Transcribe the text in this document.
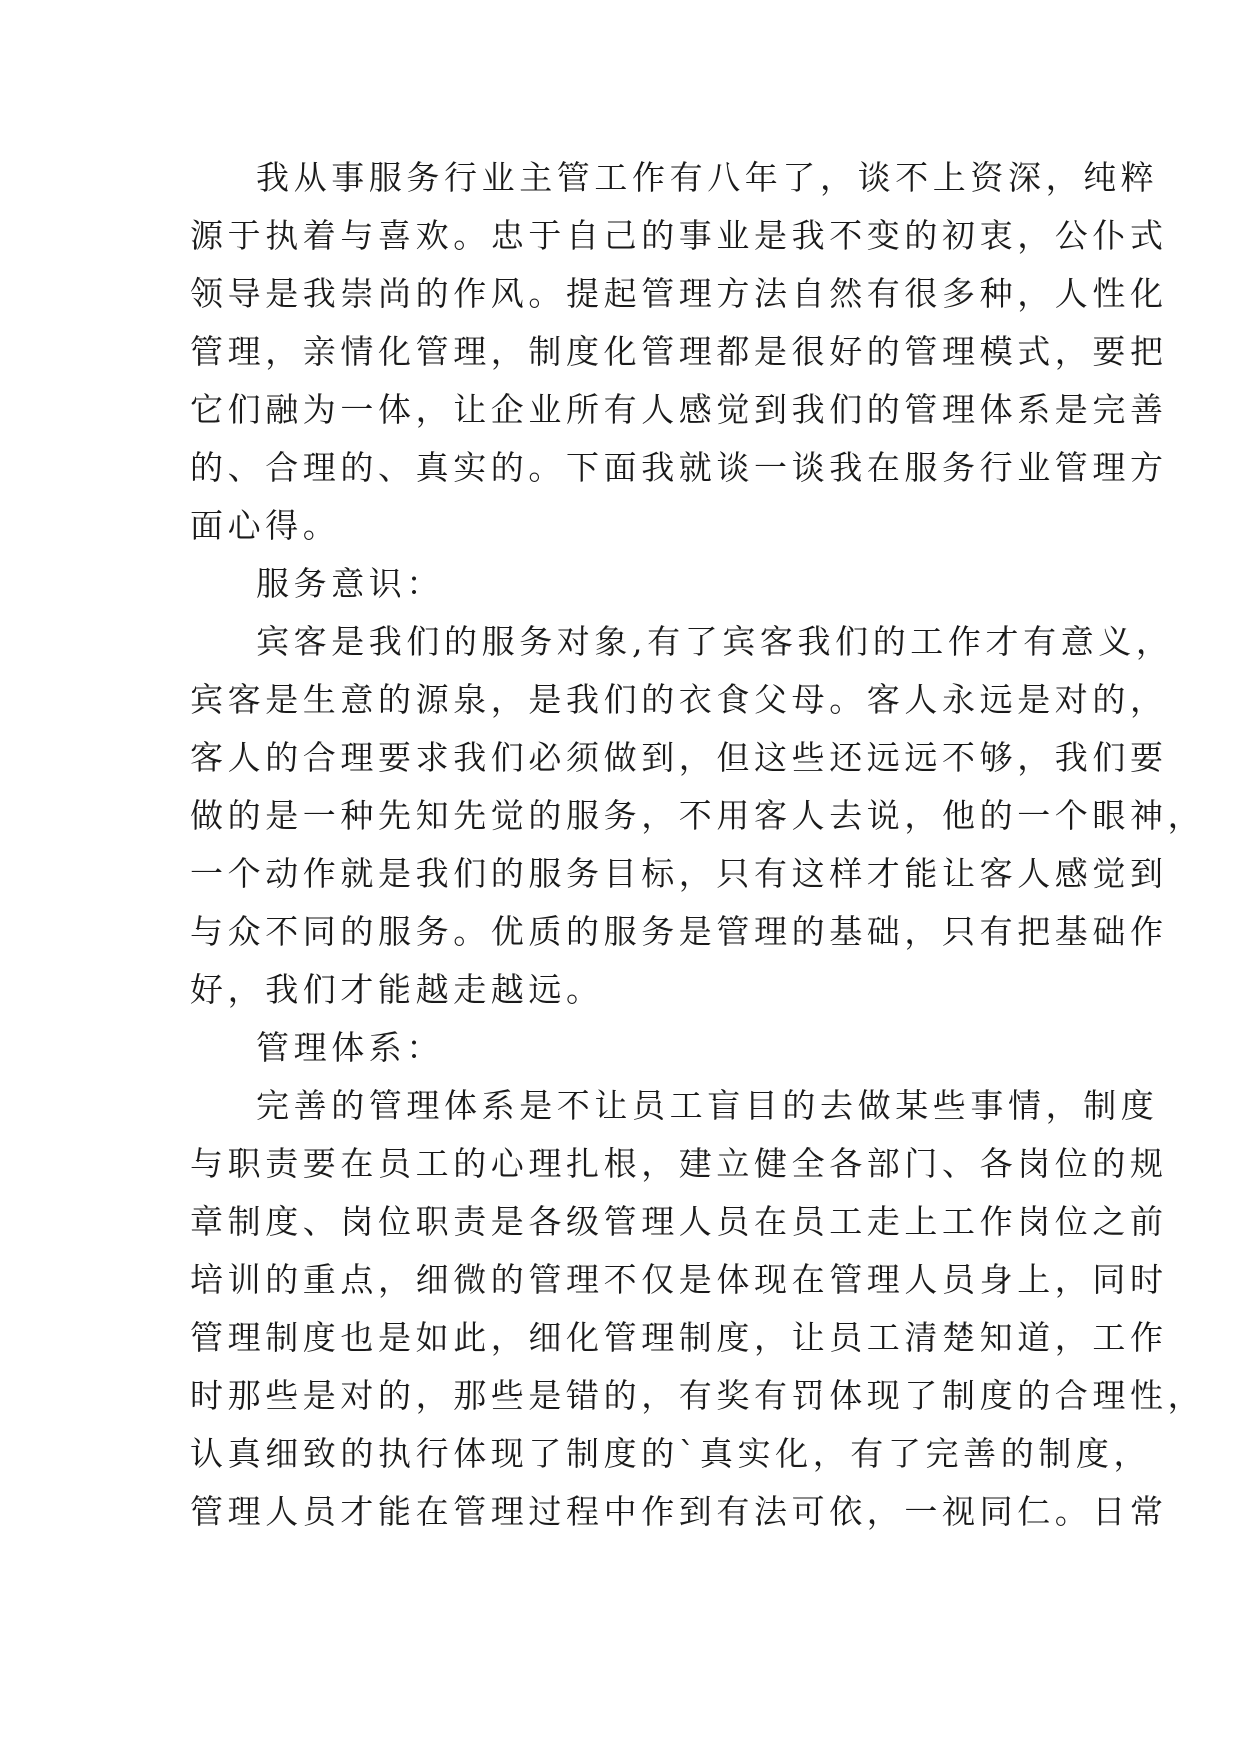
我从事服务行业主管工作有八年了，谈不上资深，纯粹
源于执着与喜欢。忠于自己的事业是我不变的初衷，公仆式
领导是我崇尚的作风。提起管理方法自然有很多种，人性化
管理，亲情化管理，制度化管理都是很好的管理模式，要把
它们融为一体，让企业所有人感觉到我们的管理体系是完善
的、合理的、真实的。下面我就谈一谈我在服务行业管理方
面心得。
服务意识：
宾客是我们的服务对象,有了宾客我们的工作才有意义，
宾客是生意的源泉，是我们的衣食父母。客人永远是对的，
客人的合理要求我们必须做到，但这些还远远不够，我们要
做的是一种先知先觉的服务，不用客人去说，他的一个眼神，
一个动作就是我们的服务目标，只有这样才能让客人感觉到
与众不同的服务。优质的服务是管理的基础，只有把基础作
好，我们才能越走越远。
管理体系：
完善的管理体系是不让员工盲目的去做某些事情，制度
与职责要在员工的心理扎根，建立健全各部门、各岗位的规
章制度、岗位职责是各级管理人员在员工走上工作岗位之前
培训的重点，细微的管理不仅是体现在管理人员身上，同时
管理制度也是如此，细化管理制度，让员工清楚知道，工作
时那些是对的，那些是错的，有奖有罚体现了制度的合理性，
认真细致的执行体现了制度的`真实化，有了完善的制度，
管理人员才能在管理过程中作到有法可依，一视同仁。日常
